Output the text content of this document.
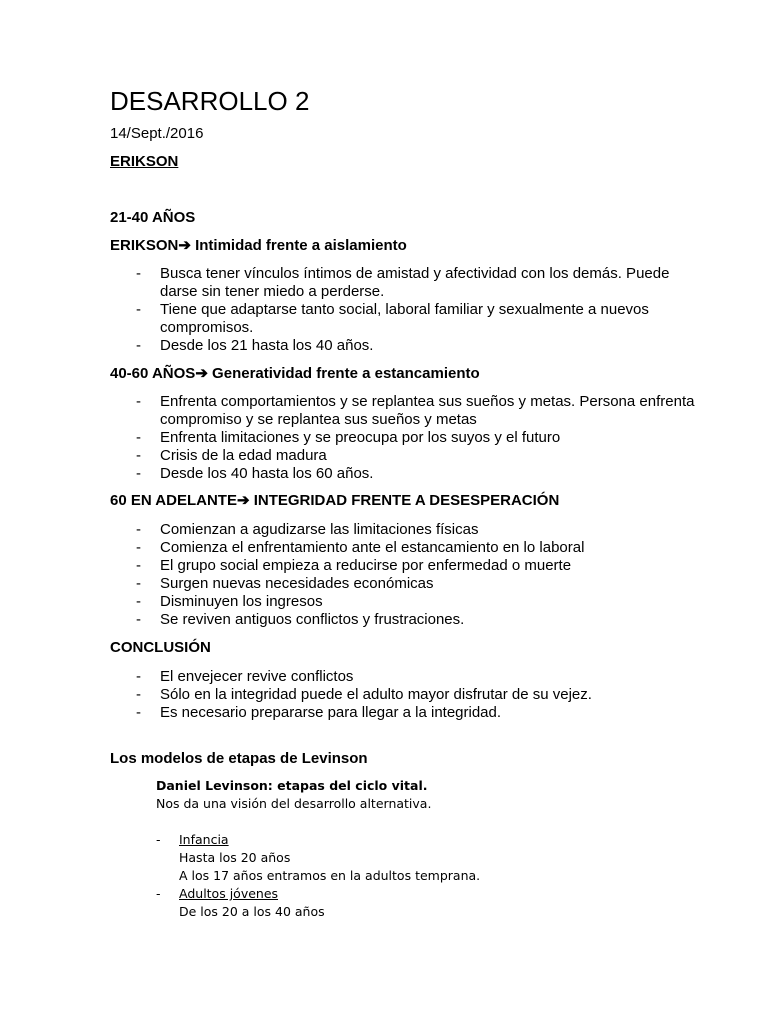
DESARROLLO 2
14/Sept./2016
ERIKSON
21-40 AÑOS
ERIKSON➔ Intimidad frente a aislamiento
- Busca tener vínculos íntimos de amistad y afectividad con los demás. Puede darse sin tener miedo a perderse.
- Tiene que adaptarse tanto social, laboral familiar y sexualmente a nuevos compromisos.
- Desde los 21 hasta los 40 años.
40-60 AÑOS➔ Generatividad frente a estancamiento
- Enfrenta comportamientos y se replantea sus sueños y metas. Persona enfrenta compromiso y se replantea sus sueños y metas
- Enfrenta limitaciones y se preocupa por los suyos y el futuro
- Crisis de la edad madura
- Desde los 40 hasta los 60 años.
60 EN ADELANTE➔ INTEGRIDAD FRENTE A DESESPERACIÓN
- Comienzan a agudizarse las limitaciones físicas
- Comienza el enfrentamiento ante el estancamiento en lo laboral
- El grupo social empieza a reducirse por enfermedad o muerte
- Surgen nuevas necesidades económicas
- Disminuyen los ingresos
- Se reviven antiguos conflictos y frustraciones.
CONCLUSIÓN
- El envejecer revive conflictos
- Sólo en la integridad puede el adulto mayor disfrutar de su vejez.
- Es necesario prepararse para llegar a la integridad.
Los modelos de etapas de Levinson
Daniel Levinson: etapas del ciclo vital.
Nos da una visión del desarrollo alternativa.
- Infancia
Hasta los 20 años
A los 17 años entramos en la adultos temprana.
- Adultos jóvenes
De los 20 a los 40 años
